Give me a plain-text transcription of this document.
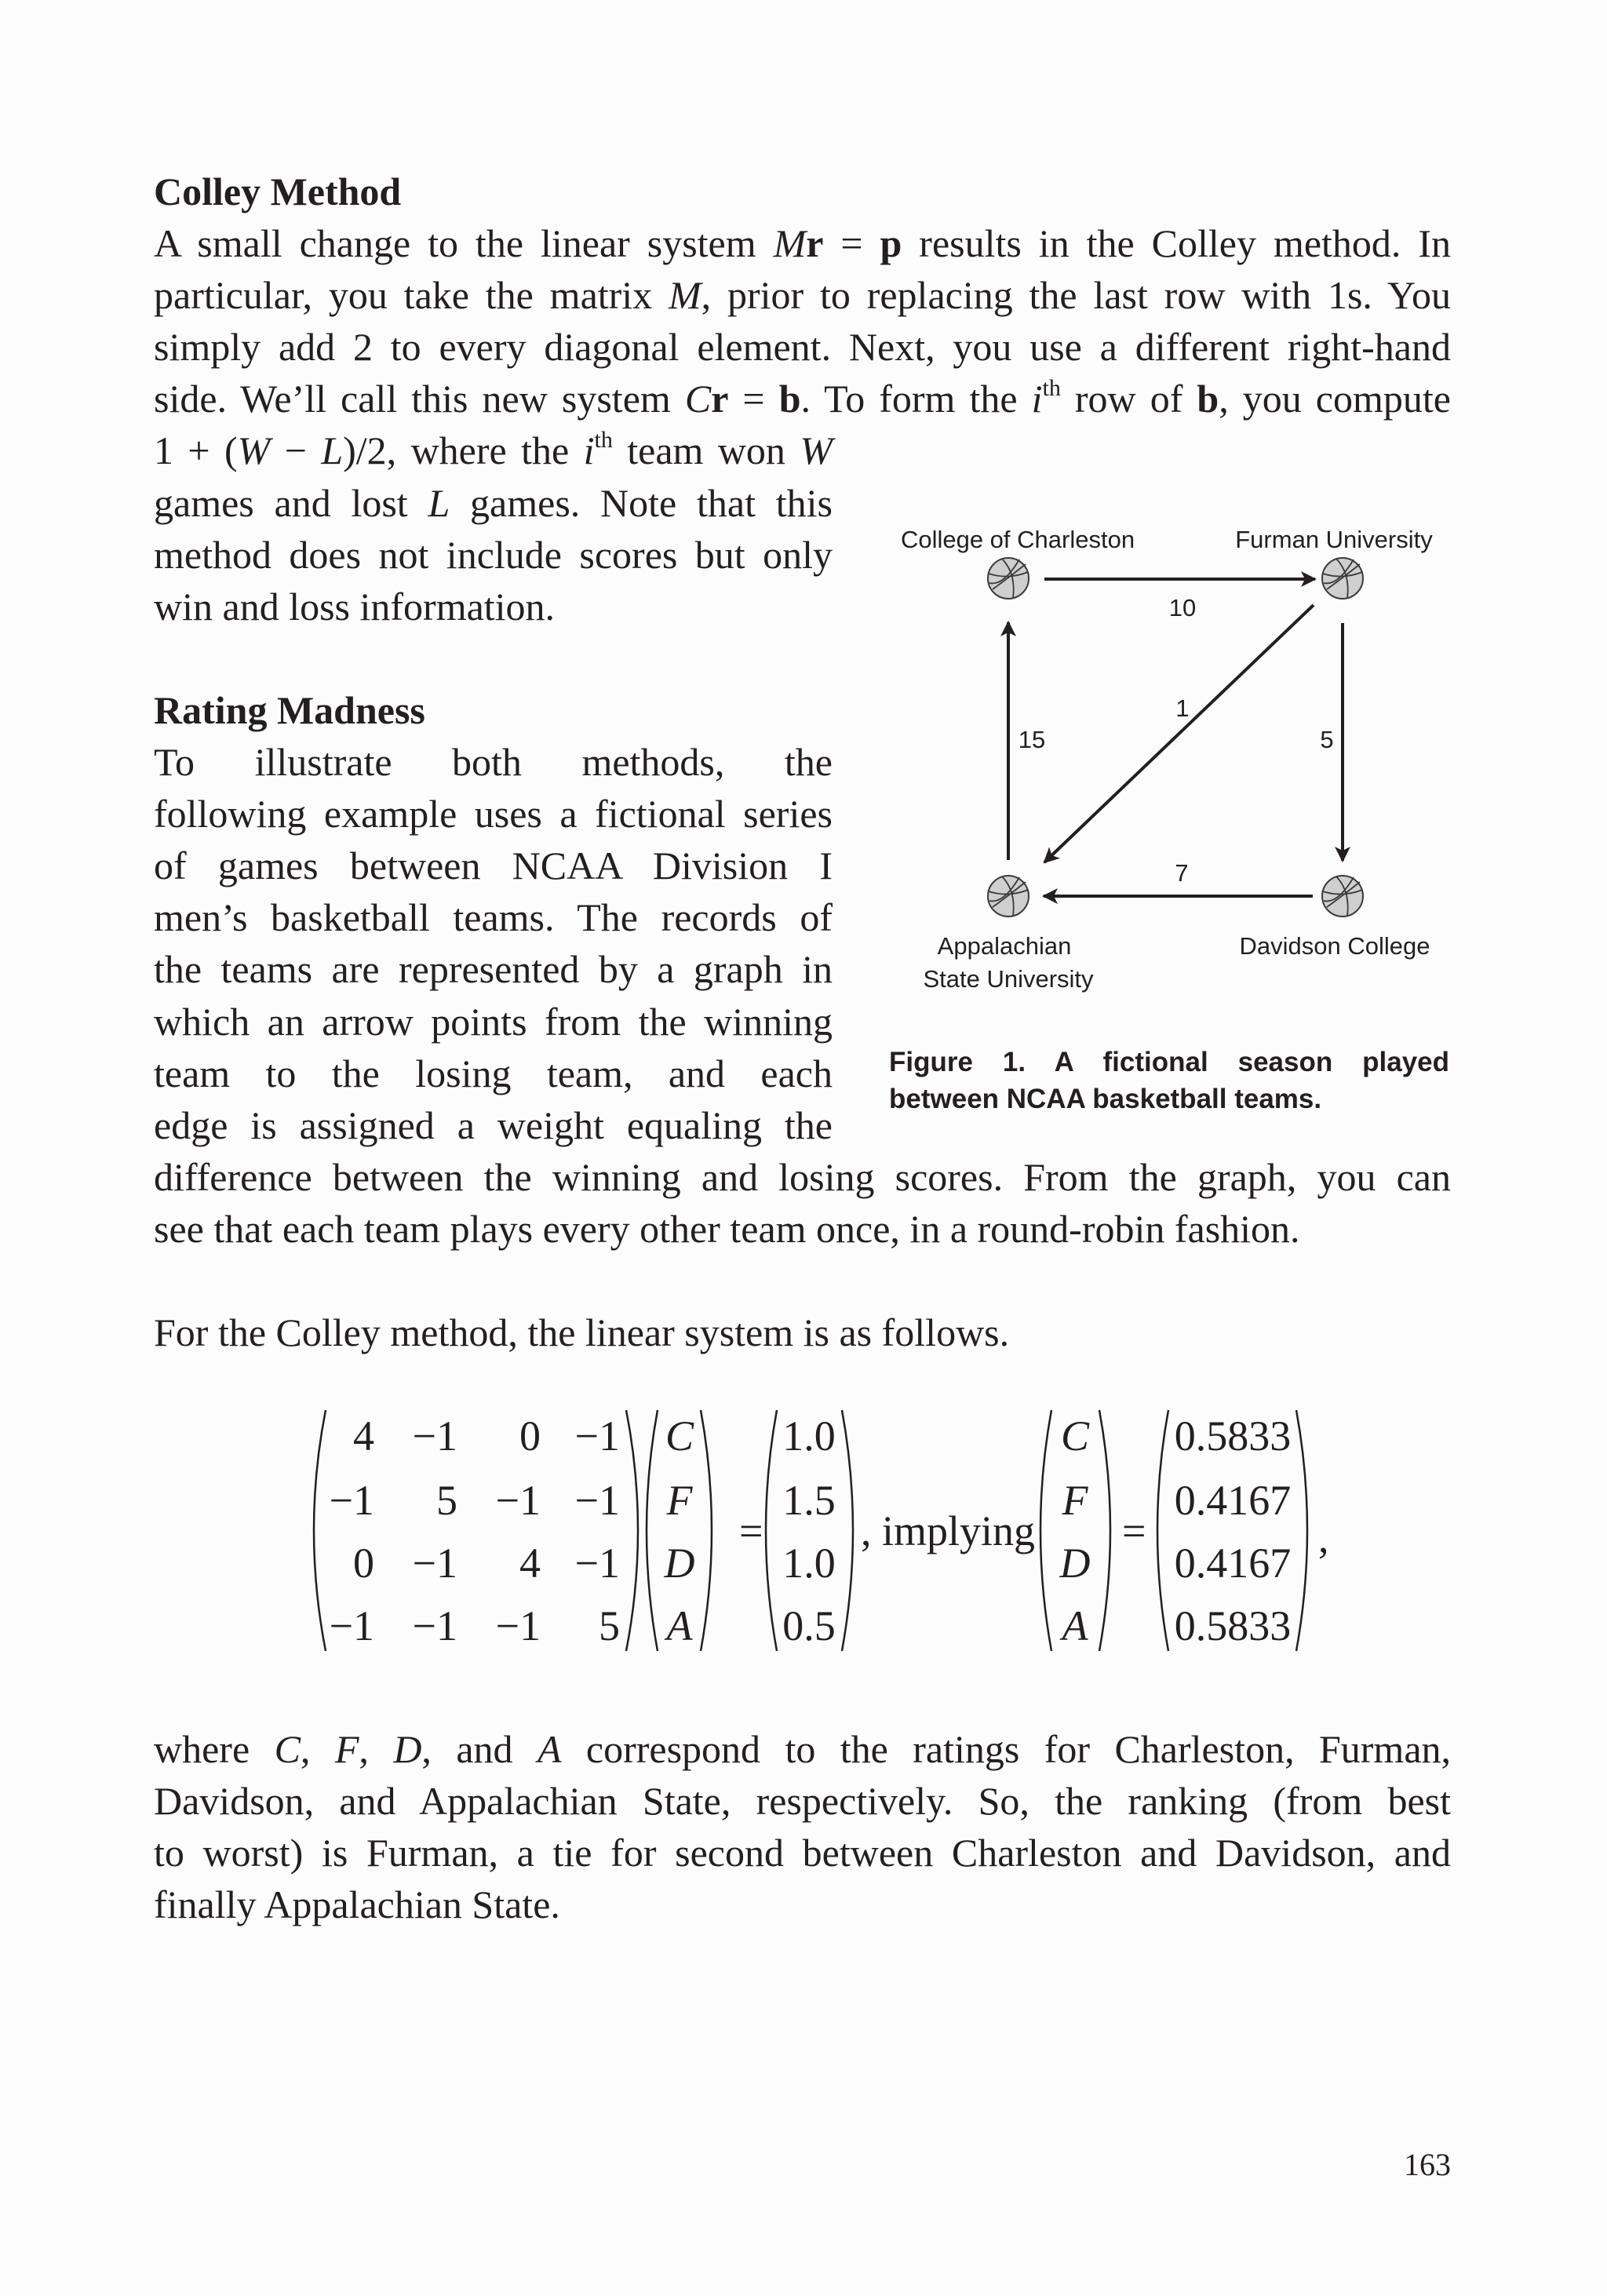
Colley Method
A small change to the linear system Mr = p results in the Colley method. In
particular, you take the matrix M, prior to replacing the last row with 1s. You
simply add 2 to every diagonal element. Next, you use a different right-hand
side. We’ll call this new system Cr = b. To form the $i^{th}$ row of b, you compute
1 + (W − L)/2, where the $i^{th}$ team won W
games and lost L games. Note that this
method does not include scores but only
win and loss information.
Rating Madness
To illustrate both methods, the
following example uses a fictional series
of games between NCAA Division I
men’s basketball teams. The records of
the teams are represented by a graph in
which an arrow points from the winning
team to the losing team, and each
edge is assigned a weight equaling the
difference between the winning and losing scores. From the graph, you can
see that each team plays every other team once, in a round-robin fashion.
For the Colley method, the linear system is as follows.
College of Charleston	Furman University
Appalachian
State University
Davidson College
10
1
15	5
7
Figure 1. A fictional season played
between NCAA basketball teams.
4 −1 0 −1
−1 5 −1 −1
0 −1 4 −1
−1 −1 −1 5
C	C
F	F
D	D
A	A
1.0
1.5
1.0
0.5
0.5833
0.4167
0.4167
0.5833
= , implying =	,
where C, F, D, and A correspond to the ratings for Charleston, Furman,
Davidson, and Appalachian State, respectively. So, the ranking (from best
to worst) is Furman, a tie for second between Charleston and Davidson, and
finally Appalachian State.
163
